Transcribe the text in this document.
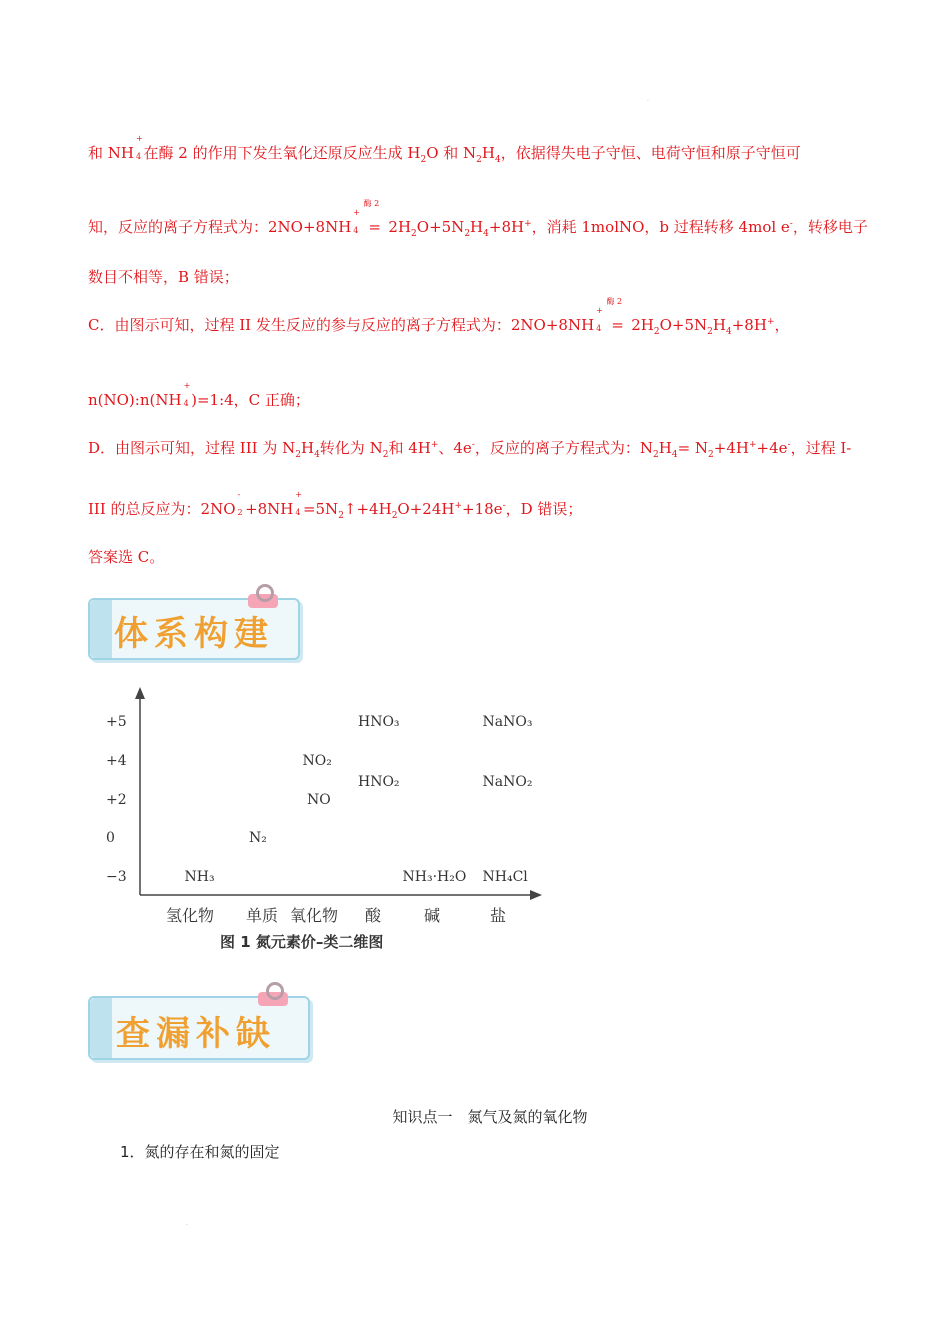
.
和 NH
+
4 在酶 2 的作用下发生氧化还原反应生成 $H_2O$ 和 $N_2H_4$，依据得失电子守恒、电荷守恒和原子守恒可
知，反应的离子方程式为：2NO+8NH
+
4

酶 2
= $2H_2O+5N_2H_4+8H^+$，消耗 1molNO，b 过程转移 4mol e-，转移电子
数目不相等，B 错误；
C．由图示可知，过程 II 发生反应的参与反应的离子方程式为：2NO+8NH
+
4

酶 2
= $2H_2O+5N_2H_4+8H^+$，
n(NO):n(NH
+
4 )=1:4，C 正确；
D．由图示可知，过程 III 为 $N_2H_4$转化为 $N_2$和 4H+、4e-，反应的离子方程式为：$N_2H_4= N_2+4H^++4e^-$，过程 I-
III 的总反应为：2NO
-
2 +8NH
+
$4 =5N_2↑+4H_2O+24H^++18e^-$，D 错误；
答案选 C。
体系构建
+5
+4
+2
0
−3
氢化物 单质 氧化物 酸	碱	盐
NH₃
N₂
NO
NO₂
HNO₃
HNO₂
NH₃·H₂O
NaNO₃
NaNO₂
NH₄Cl
图 1 氮元素价–类二维图
查漏补缺
知识点一　氮气及氮的氧化物
1．氮的存在和氮的固定
.
